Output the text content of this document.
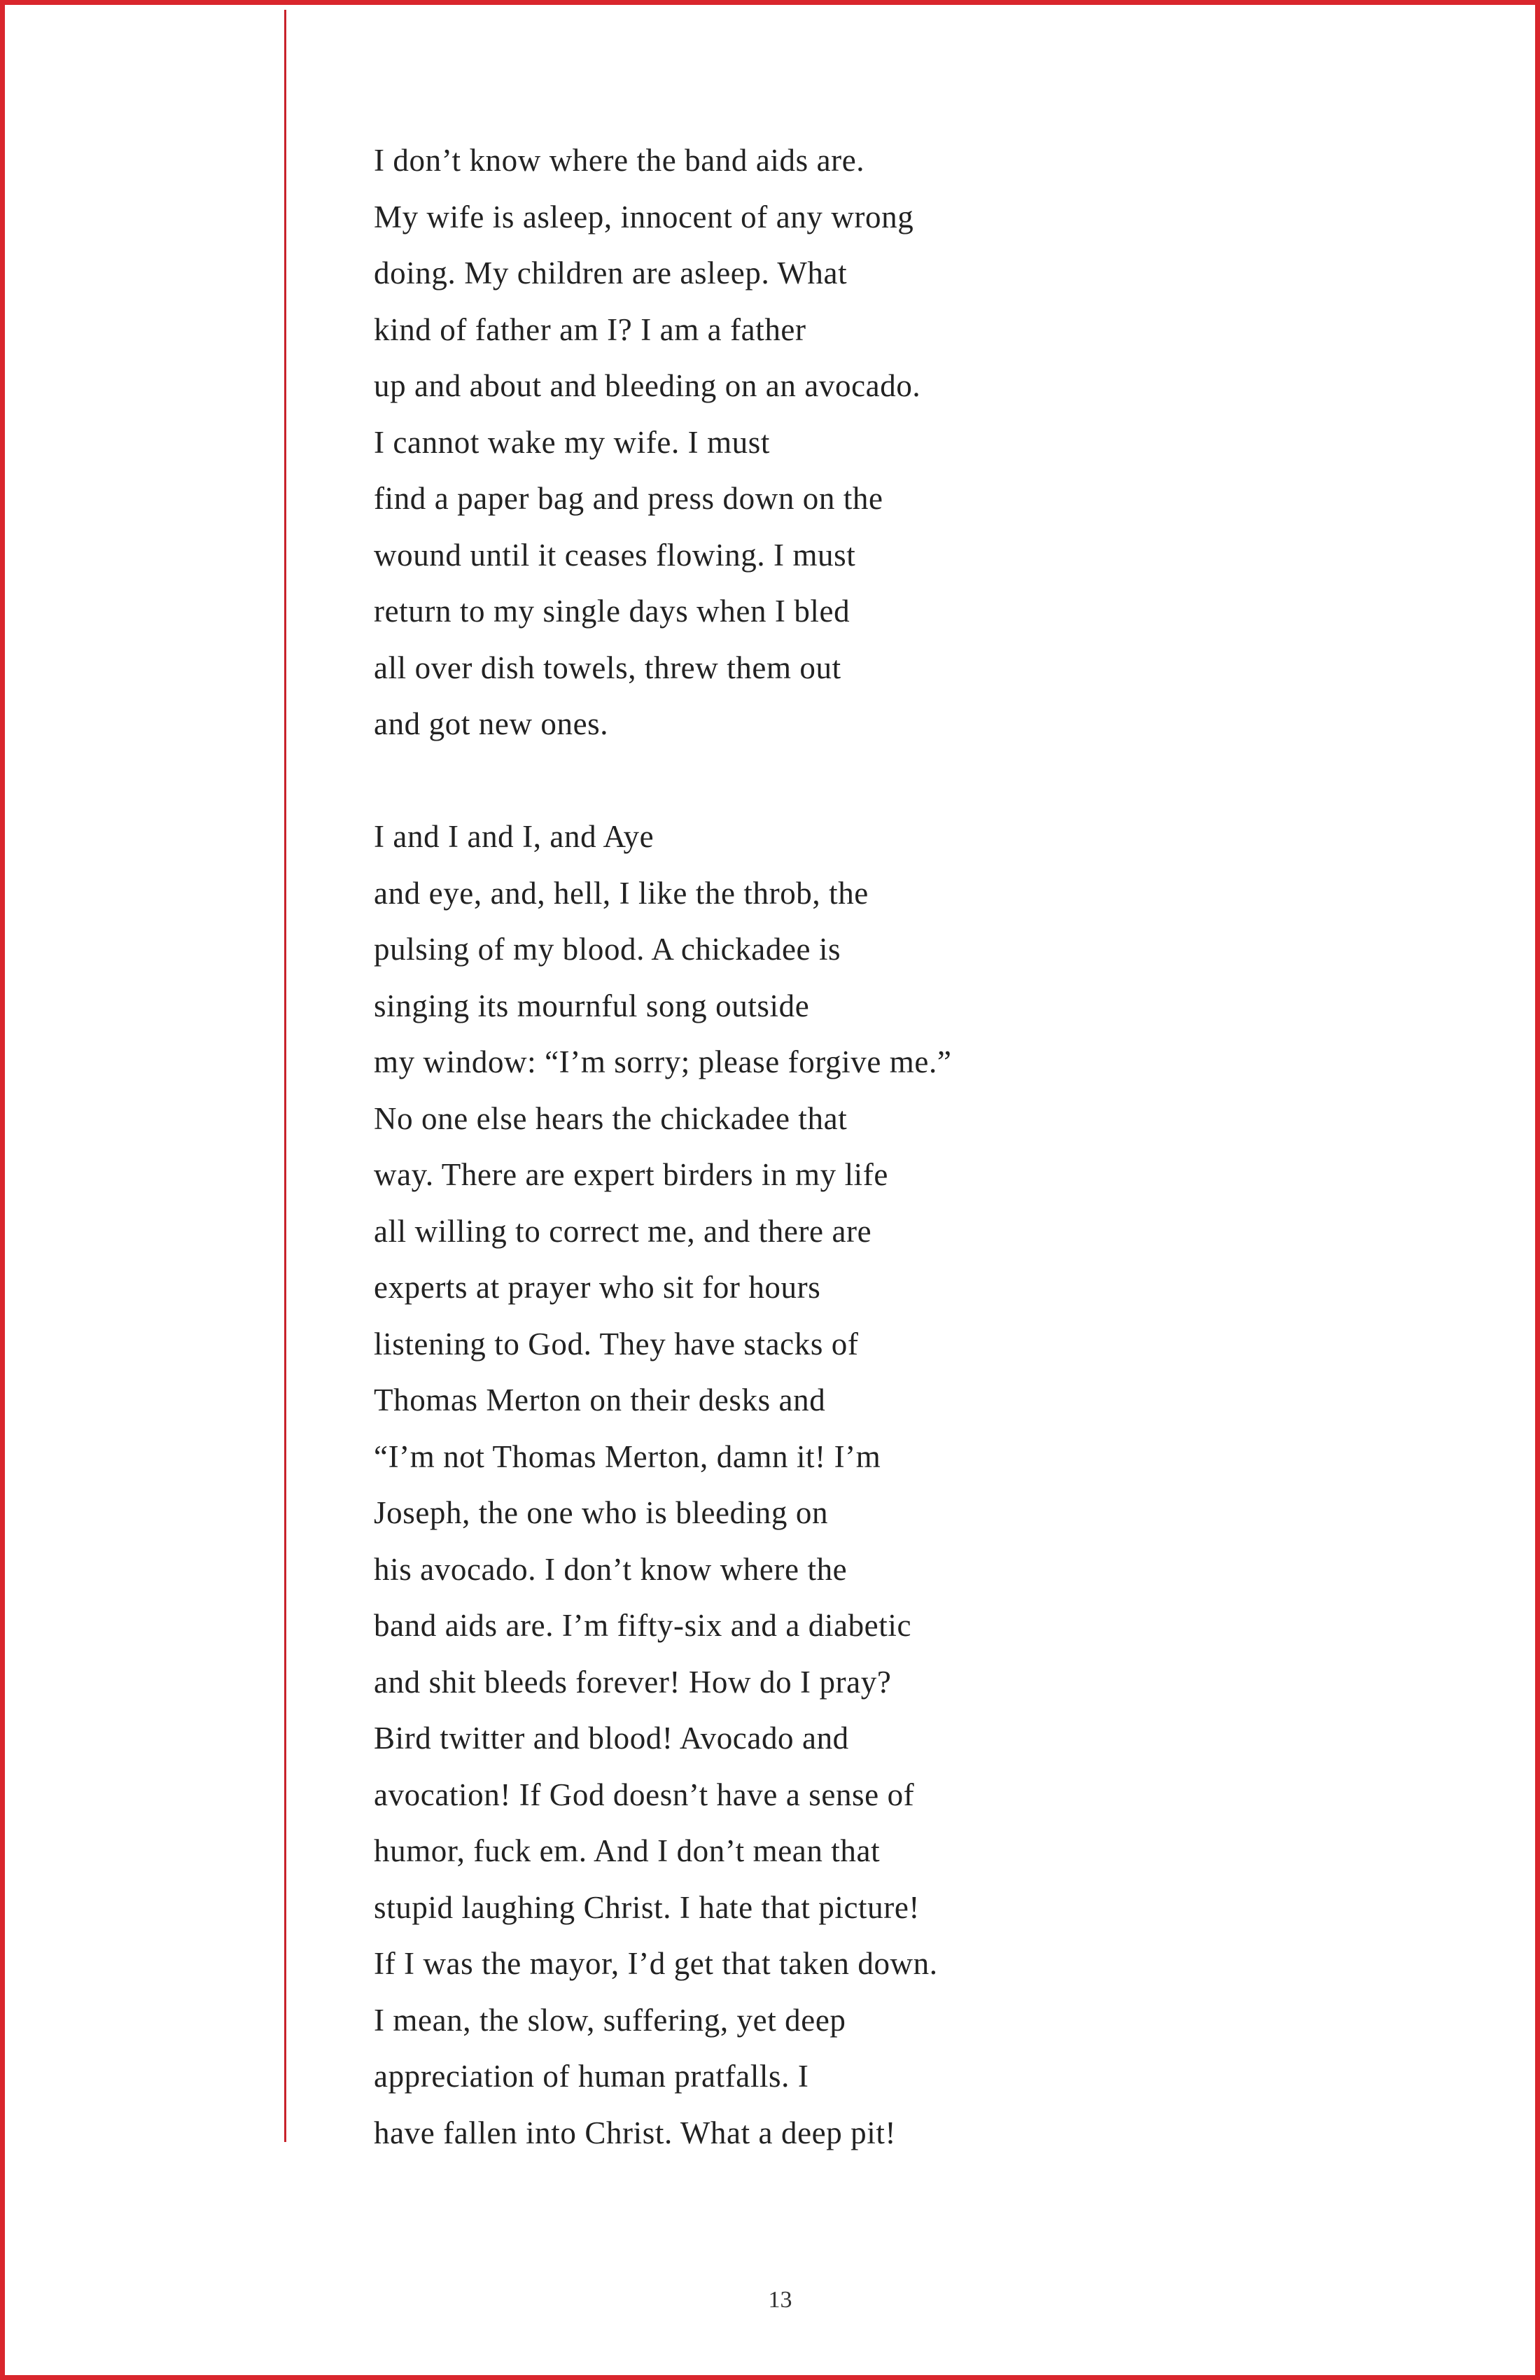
I don’t know where the band aids are.
My wife is asleep, innocent of any wrong
doing. My children are asleep. What
kind of father am I? I am a father
up and about and bleeding on an avocado.
I cannot wake my wife. I must
find a paper bag and press down on the
wound until it ceases flowing. I must
return to my single days when I bled
all over dish towels, threw them out
and got new ones.
I and I and I, and Aye
and eye, and, hell, I like the throb, the
pulsing of my blood. A chickadee is
singing its mournful song outside
my window: “I’m sorry; please forgive me.”
No one else hears the chickadee that
way. There are expert birders in my life
all willing to correct me, and there are
experts at prayer who sit for hours
listening to God. They have stacks of
Thomas Merton on their desks and
“I’m not Thomas Merton, damn it! I’m
Joseph, the one who is bleeding on
his avocado. I don’t know where the
band aids are. I’m fifty-six and a diabetic
and shit bleeds forever! How do I pray?
Bird twitter and blood! Avocado and
avocation! If God doesn’t have a sense of
humor, fuck em. And I don’t mean that
stupid laughing Christ. I hate that picture!
If I was the mayor, I’d get that taken down.
I mean, the slow, suffering, yet deep
appreciation of human pratfalls. I
have fallen into Christ. What a deep pit!
13
